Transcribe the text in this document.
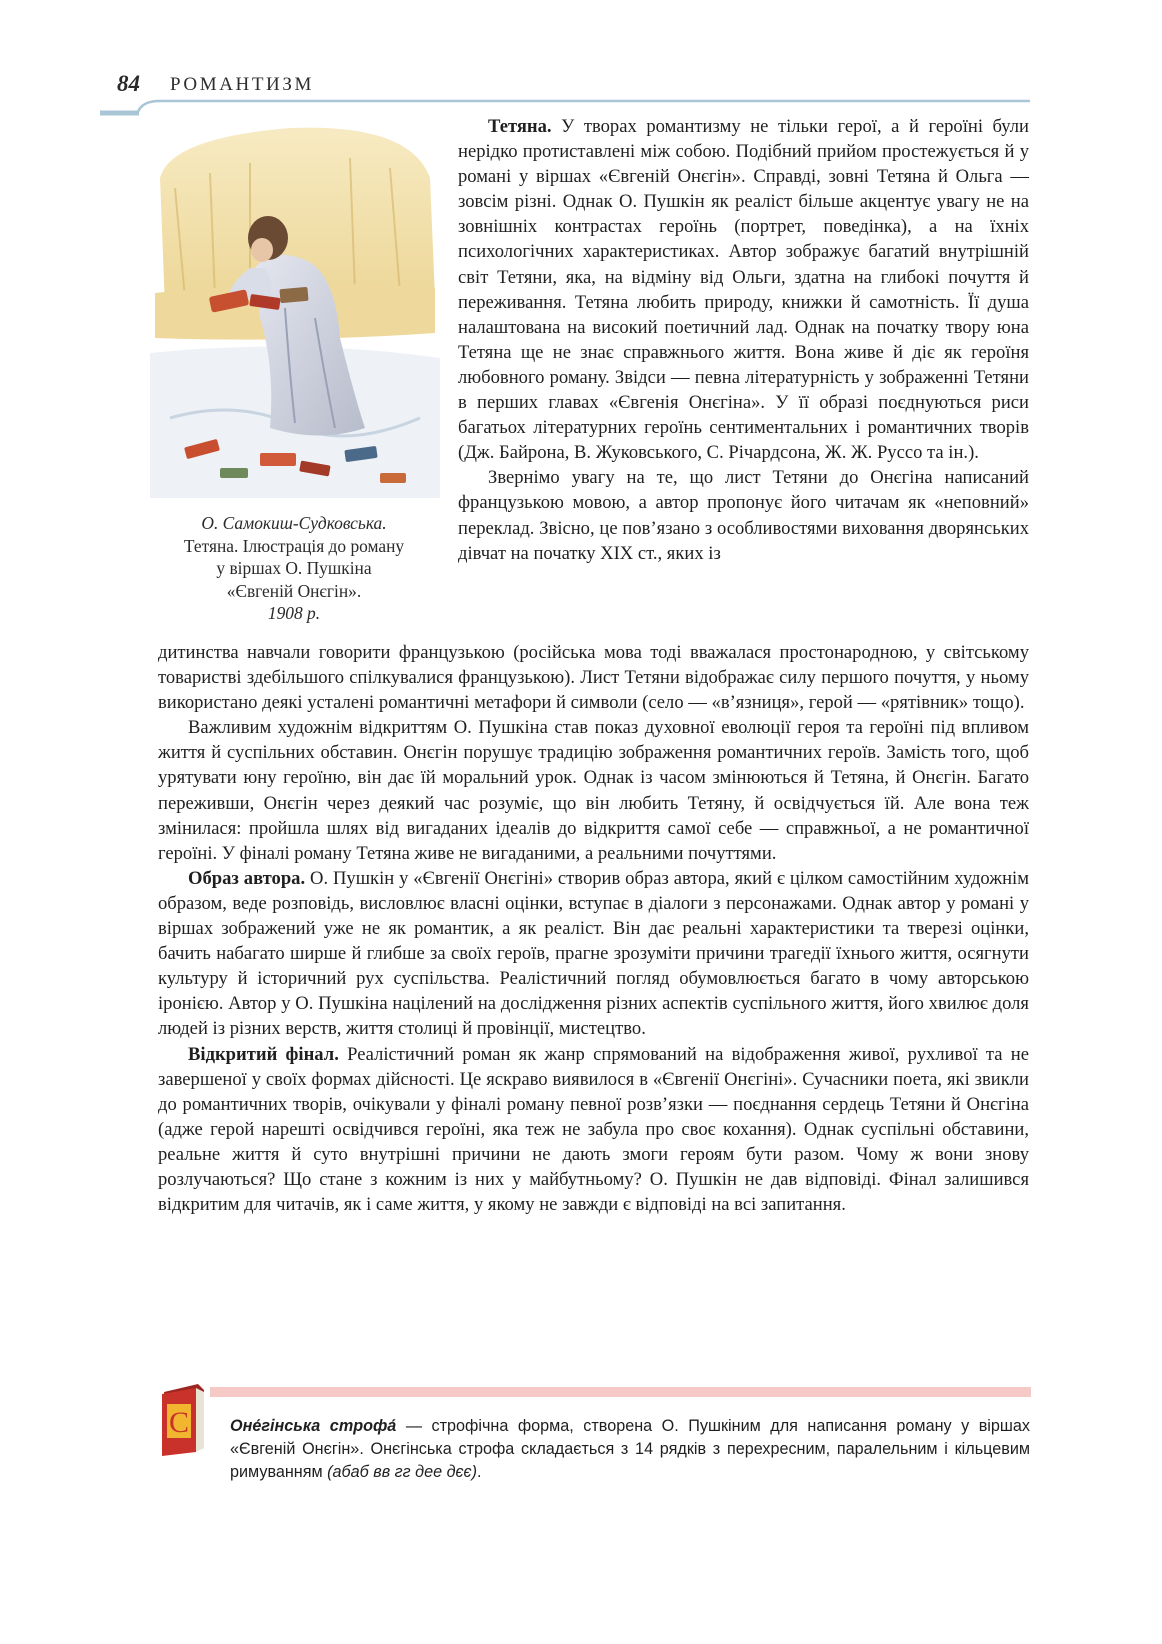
84 РОМАНТИЗМ
О. Самокиш-Судковська.
Тетяна. Ілюстрація до роману
у віршах О. Пушкіна
«Євгеній Онєгін».
1908 р.

Тетяна. У творах романтизму не тільки герої, а й героїні були нерідко протиставлені між собою. Подібний прийом простежується й у романі у віршах «Євгеній Онєгін». Справді, зовні Тетяна й Ольга — зовсім різні. Однак О. Пушкін як реаліст більше акцентує увагу не на зовнішніх контрастах героїнь (портрет, поведінка), а на їхніх психологічних характеристиках. Автор зображує багатий внутрішній світ Тетяни, яка, на відміну від Ольги, здатна на глибокі почуття й переживання. Тетяна любить природу, книжки й самотність. Її душа налаштована на високий поетичний лад. Однак на початку твору юна Тетяна ще не знає справжнього життя. Вона живе й діє як героїня любовного роману. Звідси — певна літературність у зображенні Тетяни в перших главах «Євгенія Онєгіна». У її образі поєднуються риси багатьох літературних героїнь сентиментальних і романтичних творів (Дж. Байрона, В. Жуковського, С. Річардсона, Ж. Ж. Руссо та ін.).

Звернімо увагу на те, що лист Тетяни до Онєгіна написаний французькою мовою, а автор пропонує його читачам як «неповний» переклад. Звісно, це пов’язано з особливостями виховання дворянських дівчат на початку XIX ст., яких із

дитинства навчали говорити французькою (російська мова тоді вважалася простонародною, у світському товаристві здебільшого спілкувалися французькою). Лист Тетяни відображає силу першого почуття, у ньому використано деякі усталені романтичні метафори й символи (село — «в’язниця», герой — «рятівник» тощо).

Важливим художнім відкриттям О. Пушкіна став показ духовної еволюції героя та героїні під впливом життя й суспільних обставин. Онєгін порушує традицію зображення романтичних героїв. Замість того, щоб урятувати юну героїню, він дає їй моральний урок. Однак із часом змінюються й Тетяна, й Онєгін. Багато переживши, Онєгін через деякий час розуміє, що він любить Тетяну, й освідчується їй. Але вона теж змінилася: пройшла шлях від вигаданих ідеалів до відкриття самої себе — справжньої, а не романтичної героїні. У фіналі роману Тетяна живе не вигаданими, а реальними почуттями.

Образ автора. О. Пушкін у «Євгенії Онєгіні» створив образ автора, який є цілком самостійним художнім образом, веде розповідь, висловлює власні оцінки, вступає в діалоги з персонажами. Однак автор у романі у віршах зображений уже не як романтик, а як реаліст. Він дає реальні характеристики та тверезі оцінки, бачить набагато ширше й глибше за своїх героїв, прагне зрозуміти причини трагедії їхнього життя, осягнути культуру й історичний рух суспільства. Реалістичний погляд обумовлюється багато в чому авторською іронією. Автор у О. Пушкіна націлений на дослідження різних аспектів суспільного життя, його хвилює доля людей із різних верств, життя столиці й провінції, мистецтво.

Відкритий фінал. Реалістичний роман як жанр спрямований на відображення живої, рухливої та не завершеної у своїх формах дійсності. Це яскраво виявилося в «Євгенії Онєгіні». Сучасники поета, які звикли до романтичних творів, очікували у фіналі роману певної розв’язки — поєднання сердець Тетяни й Онєгіна (адже герой нарешті освідчився героїні, яка теж не забула про своє кохання). Однак суспільні обставини, реальне життя й суто внутрішні причини не дають змоги героям бути разом. Чому ж вони знову розлучаються? Що стане з кожним із них у майбутньому? О. Пушкін не дав відповіді. Фінал залишився відкритим для читачів, як і саме життя, у якому не завжди є відповіді на всі запитання.

С	Оне́гінська строфа́ — строфічна форма, створена О. Пушкіним для написання роману у віршах «Євгеній Онєгін». Онєгінська строфа складається з 14 рядків з перехресним, паралельним і кільцевим римуванням (абаб вв гг дее дєє).
